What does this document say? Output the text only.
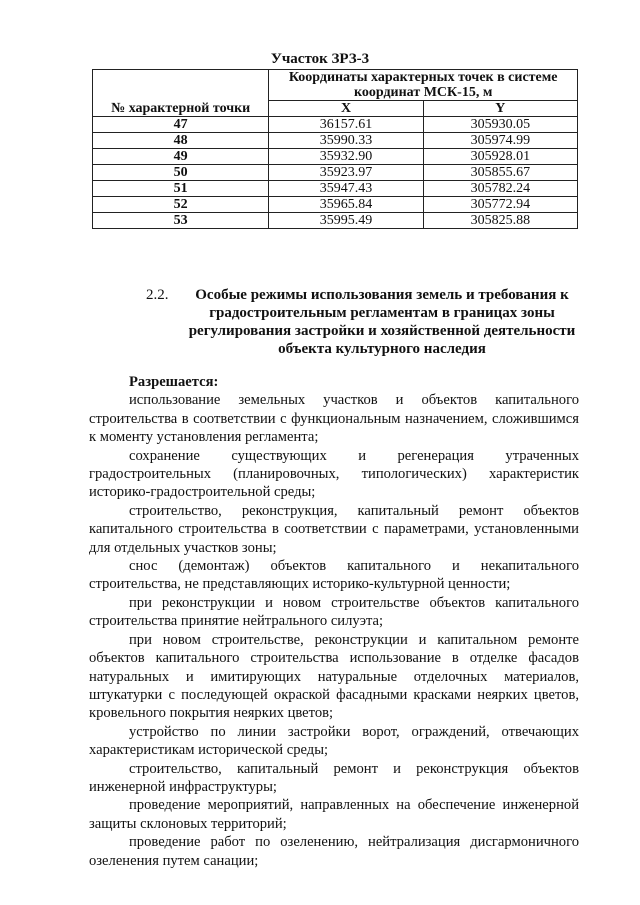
Участок ЗРЗ-3
№ характерной точки	Координаты характерных точек в системе координат МСК-15, м	
	X	Y
47	36157.61	305930.05
48	35990.33	305974.99
49	35932.90	305928.01
50	35923.97	305855.67
51	35947.43	305782.24
52	35965.84	305772.94
53	35995.49	305825.88
2.2.	Особые режимы использования земель и требования к градостроительным регламентам в границах зоны регулирования застройки и хозяйственной деятельности объекта культурного наследия

Разрешается:

использование земельных участков и объектов капитального строительства в соответствии с функциональным назначением, сложившимся к моменту установления регламента;

сохранение существующих и регенерация утраченных градостроительных (планировочных, типологических) характеристик историко-градостроительной среды;

строительство, реконструкция, капитальный ремонт объектов капитального строительства в соответствии с параметрами, установленными для отдельных участков зоны;

снос (демонтаж) объектов капитального и некапитального строительства, не представляющих историко-культурной ценности;

при реконструкции и новом строительстве объектов капитального строительства принятие нейтрального силуэта;

при новом строительстве, реконструкции и капитальном ремонте объектов капитального строительства использование в отделке фасадов натуральных и имитирующих натуральные отделочных материалов, штукатурки с последующей окраской фасадными красками неярких цветов, кровельного покрытия неярких цветов;

устройство по линии застройки ворот, ограждений, отвечающих характеристикам исторической среды;

строительство, капитальный ремонт и реконструкция объектов инженерной инфраструктуры;

проведение мероприятий, направленных на обеспечение инженерной защиты склоновых территорий;

проведение работ по озеленению, нейтрализация дисгармоничного озеленения путем санации;
